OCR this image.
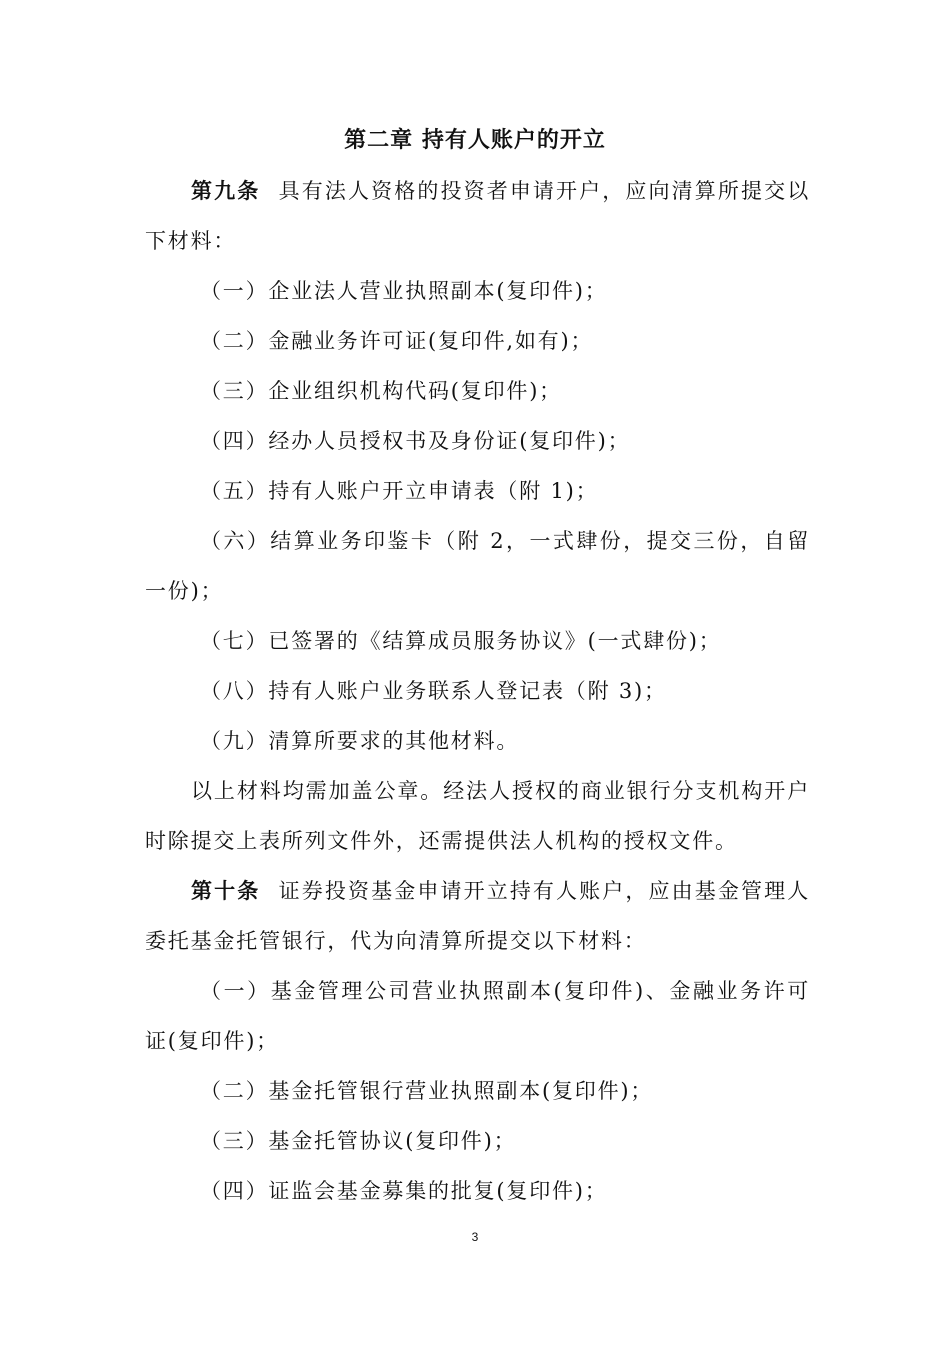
第二章 持有人账户的开立

第九条 具有法人资格的投资者申请开户，应向清算所提交以下材料：

（一）企业法人营业执照副本(复印件)；

（二）金融业务许可证(复印件,如有)；

（三）企业组织机构代码(复印件)；

（四）经办人员授权书及身份证(复印件)；

（五）持有人账户开立申请表（附 1)；

（六）结算业务印鉴卡（附 2，一式肆份，提交三份，自留一份)；

（七）已签署的《结算成员服务协议》(一式肆份)；

（八）持有人账户业务联系人登记表（附 3)；

（九）清算所要求的其他材料。

以上材料均需加盖公章。经法人授权的商业银行分支机构开户时除提交上表所列文件外，还需提供法人机构的授权文件。

第十条 证券投资基金申请开立持有人账户，应由基金管理人委托基金托管银行，代为向清算所提交以下材料：

（一）基金管理公司营业执照副本(复印件)、金融业务许可证(复印件)；

（二）基金托管银行营业执照副本(复印件)；

（三）基金托管协议(复印件)；

（四）证监会基金募集的批复(复印件)；

3
